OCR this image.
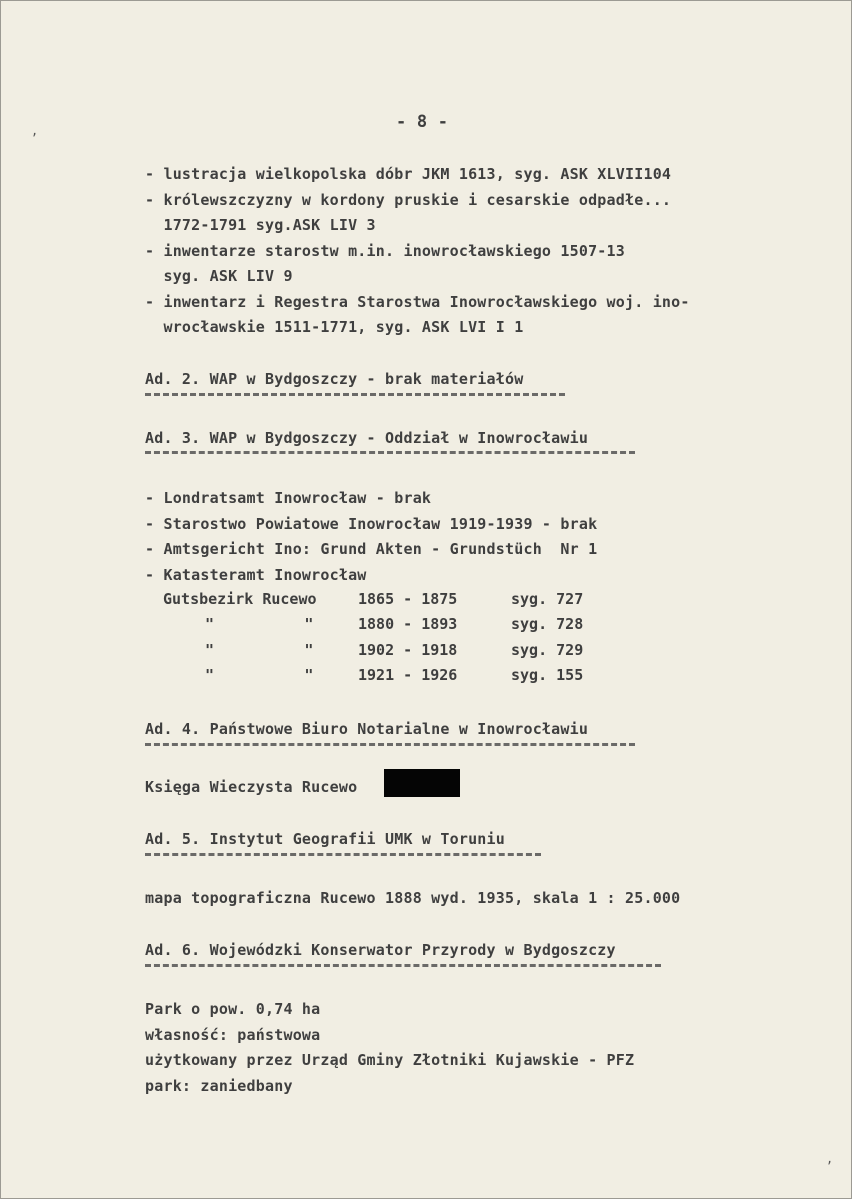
,
,
- 8 -
- lustracja wielkopolska dóbr JKM 1613, syg. ASK XLVII104
- królewszczyzny w kordony pruskie i cesarskie odpadłe...
1772-1791 syg.ASK LIV 3
- inwentarze starostw m.in. inowrocławskiego 1507-13
syg. ASK LIV 9
- inwentarz i Regestra Starostwa Inowrocławskiego woj. ino-
wrocławskie 1511-1771, syg. ASK LVI I 1
Ad. 2. WAP w Bydgoszczy - brak materiałów
Ad. 3. WAP w Bydgoszczy - Oddział w Inowrocławiu
- Londratsamt Inowrocław - brak
- Starostwo Powiatowe Inowrocław 1919-1939 - brak
- Amtsgericht Ino: Grund Akten - Grundstüch  Nr 1
- Katasteramt Inowrocław
Gutsbezirk Rucewo	1865 - 1875	syg. 727
"          "	1880 - 1893	syg. 728
"          "	1902 - 1918	syg. 729
"          "	1921 - 1926	syg. 155
Ad. 4. Państwowe Biuro Notarialne w Inowrocławiu
Księga Wieczysta Rucewo
Ad. 5. Instytut Geografii UMK w Toruniu
mapa topograficzna Rucewo 1888 wyd. 1935, skala 1 : 25.000
Ad. 6. Wojewódzki Konserwator Przyrody w Bydgoszczy
Park o pow. 0,74 ha
własność: państwowa
użytkowany przez Urząd Gminy Złotniki Kujawskie - PFZ
park: zaniedbany
